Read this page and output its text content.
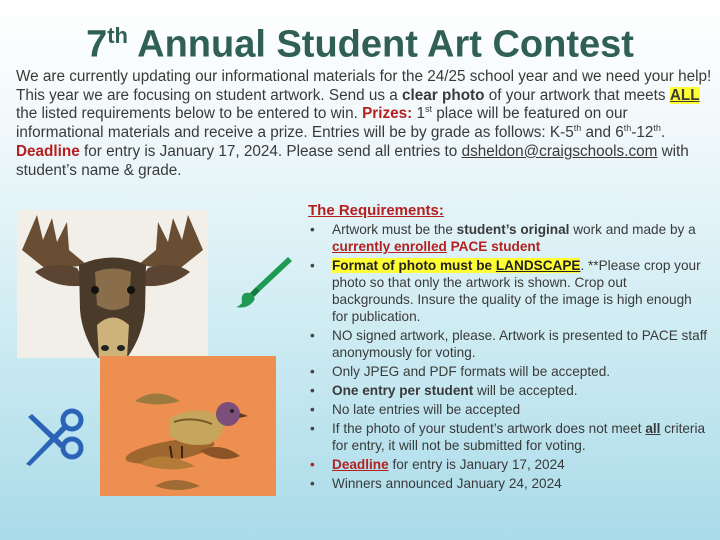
7th Annual Student Art Contest
We are currently updating our informational materials for the 24/25 school year and we need your help! This year we are focusing on student artwork. Send us a clear photo of your artwork that meets ALL the listed requirements below to be entered to win. Prizes: 1st place will be featured on our informational materials and receive a prize. Entries will be by grade as follows: K-5th and 6th-12th.
Deadline for entry is January 17, 2024. Please send all entries to dsheldon@craigschools.com with student’s name & grade.
The Requirements:
• Artwork must be the student’s original work and made by a currently enrolled PACE student
• Format of photo must be LANDSCAPE. **Please crop your photo so that only the artwork is shown. Crop out backgrounds. Insure the quality of the image is high enough for publication.
• NO signed artwork, please. Artwork is presented to PACE staff anonymously for voting.
• Only JPEG and PDF formats will be accepted.
• One entry per student will be accepted.
• No late entries will be accepted
• If the photo of your student’s artwork does not meet all criteria for entry, it will not be submitted for voting.
• Deadline for entry is January 17, 2024
• Winners announced January 24, 2024
